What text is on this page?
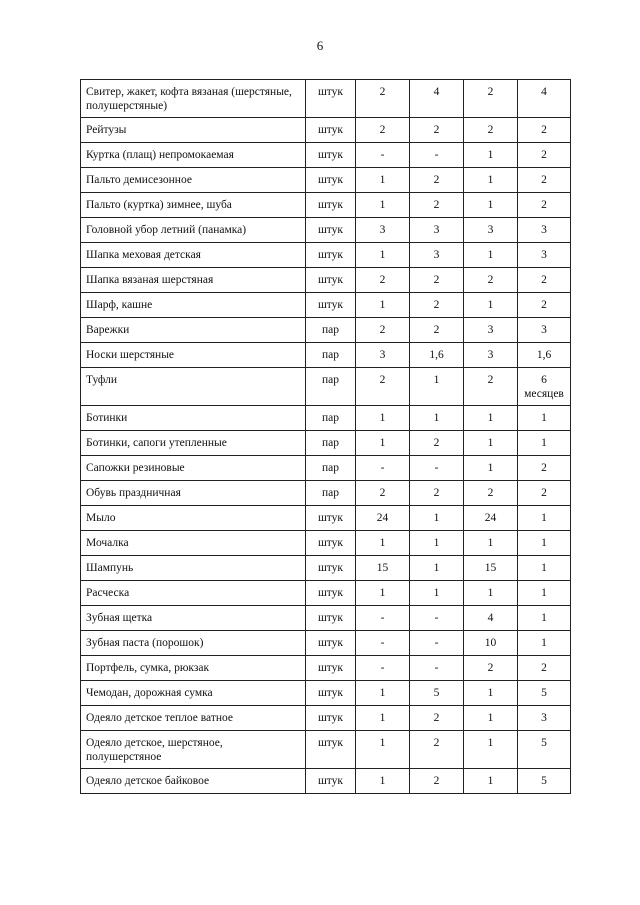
6
Свитер, жакет, кофта вязаная (шерстяные, полушерстяные)	штук	2	4	2	4
Рейтузы	штук	2	2	2	2
Куртка (плащ) непромокаемая	штук	-	-	1	2
Пальто демисезонное	штук	1	2	1	2
Пальто (куртка) зимнее, шуба	штук	1	2	1	2
Головной убор летний (панамка)	штук	3	3	3	3
Шапка меховая детская	штук	1	3	1	3
Шапка вязаная шерстяная	штук	2	2	2	2
Шарф, кашне	штук	1	2	1	2
Варежки	пар	2	2	3	3
Носки шерстяные	пар	3	1,6	3	1,6
Туфли	пар	2	1	2	6 месяцев
Ботинки	пар	1	1	1	1
Ботинки, сапоги утепленные	пар	1	2	1	1
Сапожки резиновые	пар	-	-	1	2
Обувь праздничная	пар	2	2	2	2
Мыло	штук	24	1	24	1
Мочалка	штук	1	1	1	1
Шампунь	штук	15	1	15	1
Расческа	штук	1	1	1	1
Зубная щетка	штук	-	-	4	1
Зубная паста (порошок)	штук	-	-	10	1
Портфель, сумка, рюкзак	штук	-	-	2	2
Чемодан, дорожная сумка	штук	1	5	1	5
Одеяло детское теплое ватное	штук	1	2	1	3
Одеяло детское, шерстяное, полушерстяное	штук	1	2	1	5
Одеяло детское байковое	штук	1	2	1	5
